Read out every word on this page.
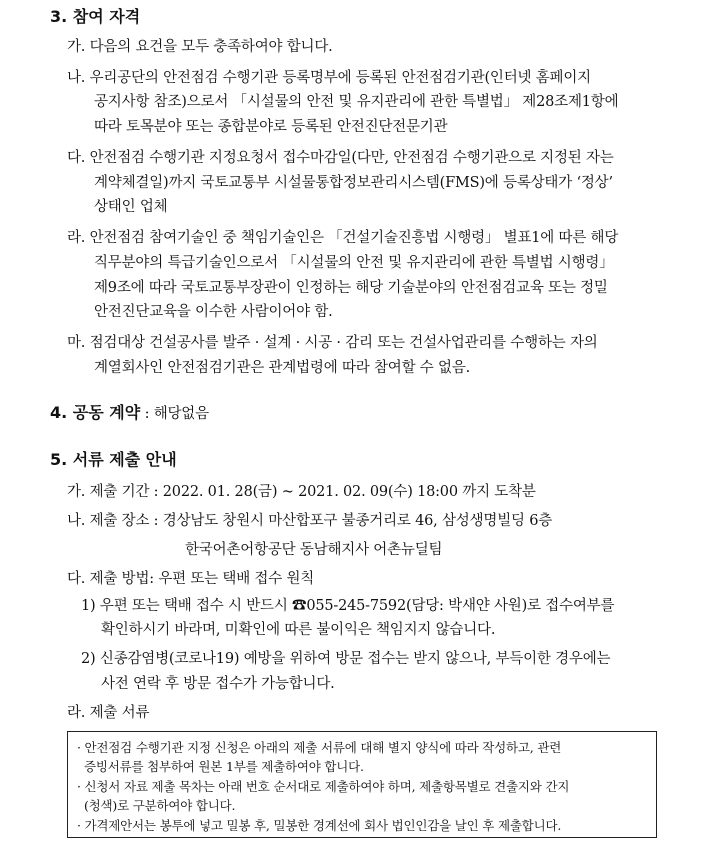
3. 참여 자격
가. 다음의 요건을 모두 충족하여야 합니다.
나. 우리공단의 안전점검 수행기관 등록명부에 등록된 안전점검기관(인터넷 홈페이지
공지사항 참조)으로서 「시설물의 안전 및 유지관리에 관한 특별법」 제28조제1항에
따라 토목분야 또는 종합분야로 등록된 안전진단전문기관
다. 안전점검 수행기관 지정요청서 접수마감일(다만, 안전점검 수행기관으로 지정된 자는
계약체결일)까지 국토교통부 시설물통합정보관리시스템(FMS)에 등록상태가 ‘정상’
상태인 업체
라. 안전점검 참여기술인 중 책임기술인은 「건설기술진흥법 시행령」 별표1에 따른 해당
직무분야의 특급기술인으로서 「시설물의 안전 및 유지관리에 관한 특별법 시행령」
제9조에 따라 국토교통부장관이 인정하는 해당 기술분야의 안전점검교육 또는 정밀
안전진단교육을 이수한 사람이어야 함.
마. 점검대상 건설공사를 발주 · 설계 · 시공 · 감리 또는 건설사업관리를 수행하는 자의
계열회사인 안전점검기관은 관계법령에 따라 참여할 수 없음.
4. 공동 계약 : 해당없음
5. 서류 제출 안내
가. 제출 기간 : 2022. 01. 28(금) ~ 2021. 02. 09(수) 18:00 까지 도착분
나. 제출 장소 : 경상남도 창원시 마산합포구 불종거리로 46, 삼성생명빌딩 6층
한국어촌어항공단 동남해지사 어촌뉴딜팀
다. 제출 방법: 우편 또는 택배 접수 원칙
1) 우편 또는 택배 접수 시 반드시 ☎055-245-7592(담당: 박새얀 사원)로 접수여부를
확인하시기 바라며, 미확인에 따른 불이익은 책임지지 않습니다.
2) 신종감염병(코로나19) 예방을 위하여 방문 접수는 받지 않으나, 부득이한 경우에는
사전 연락 후 방문 접수가 가능합니다.
라. 제출 서류
· 안전점검 수행기관 지정 신청은 아래의 제출 서류에 대해 별지 양식에 따라 작성하고, 관련
증빙서류를 첨부하여 원본 1부를 제출하여야 합니다.
· 신청서 자료 제출 목차는 아래 번호 순서대로 제출하여야 하며, 제출항목별로 견출지와 간지
(청색)로 구분하여야 합니다.
· 가격제안서는 봉투에 넣고 밀봉 후, 밀봉한 경계선에 회사 법인인감을 날인 후 제출합니다.
